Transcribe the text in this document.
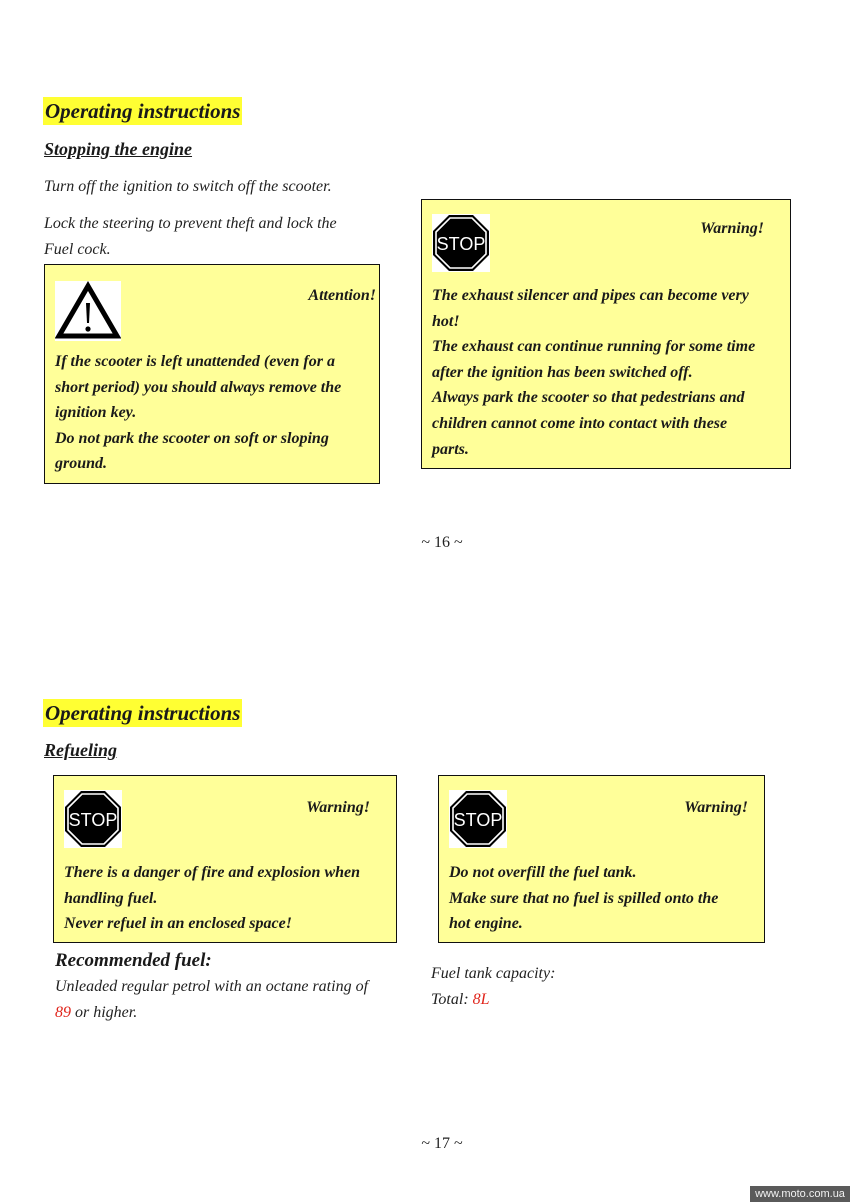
Operating instructions
Stopping the engine
Turn off the ignition to switch off the scooter.
Lock the steering to prevent theft and lock the
Fuel cock.
Attention!
If the scooter is left unattended (even for a
short period) you should always remove the
ignition key.
Do not park the scooter on soft or sloping
ground.
STOP
Warning!
The exhaust silencer and pipes can become very
hot!
The exhaust can continue running for some time
after the ignition has been switched off.
Always park the scooter so that pedestrians and
children cannot come into contact with these
parts.
~ 16 ~
Operating instructions
Refueling
STOP
Warning!
There is a danger of fire and explosion when
handling fuel.
Never refuel in an enclosed space!
STOP
Warning!
Do not overfill the fuel tank.
Make sure that no fuel is spilled onto the
hot engine.
Recommended fuel:
Unleaded regular petrol with an octane rating of
89 or higher.
Fuel tank capacity:
Total: 8L
~ 17 ~
www.moto.com.ua
